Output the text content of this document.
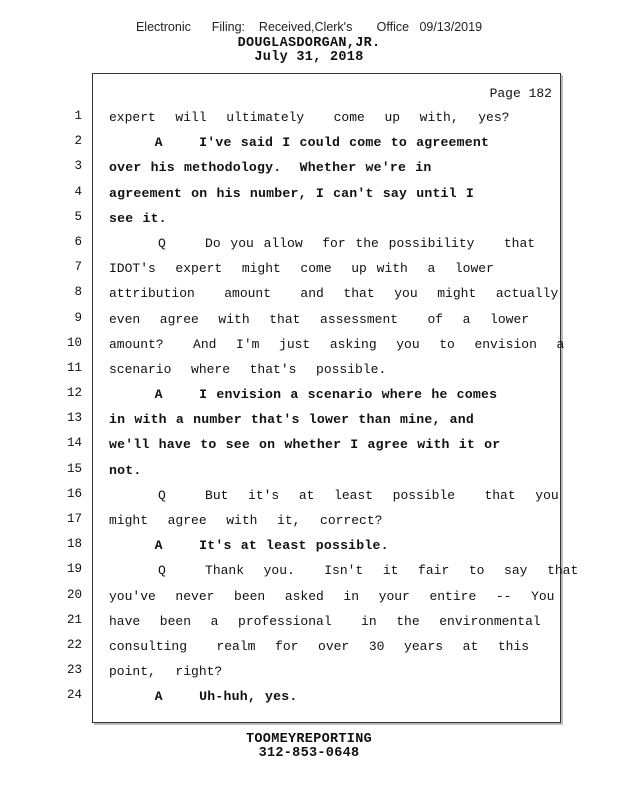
Electronic      Filing:    Received,Clerk's       Office   09/13/2019
DOUGLASDORGAN,JR.
July 31, 2018
Page 182
1 expert  will  ultimately   come  up  with,  yes?
2 A    I've said I could come to agreement
3 over his methodology.  Whether we're in
4 agreement on his number, I can't say until I
5 see it.
6 Q    Do you allow  for the possibility   that
7 IDOT's  expert  might  come  up with  a  lower
8 attribution   amount   and  that  you  might  actually
9 even  agree  with  that  assessment   of  a  lower
10 amount?   And  I'm  just  asking  you  to  envision  a
11 scenario  where  that's  possible.
12 A    I envision a scenario where he comes
13 in with a number that's lower than mine, and
14 we'll have to see on whether I agree with it or
15 not.
16 Q    But  it's  at  least  possible   that  you
17 might  agree  with  it,  correct?
18 A    It's at least possible.
19 Q    Thank  you.   Isn't  it  fair  to  say  that
20 you've  never  been  asked  in  your  entire  --  You
21 have  been  a  professional   in  the  environmental
22 consulting   realm  for  over  30  years  at  this
23 point,  right?
24 A    Uh-huh, yes.
TOOMEYREPORTING
312-853-0648
